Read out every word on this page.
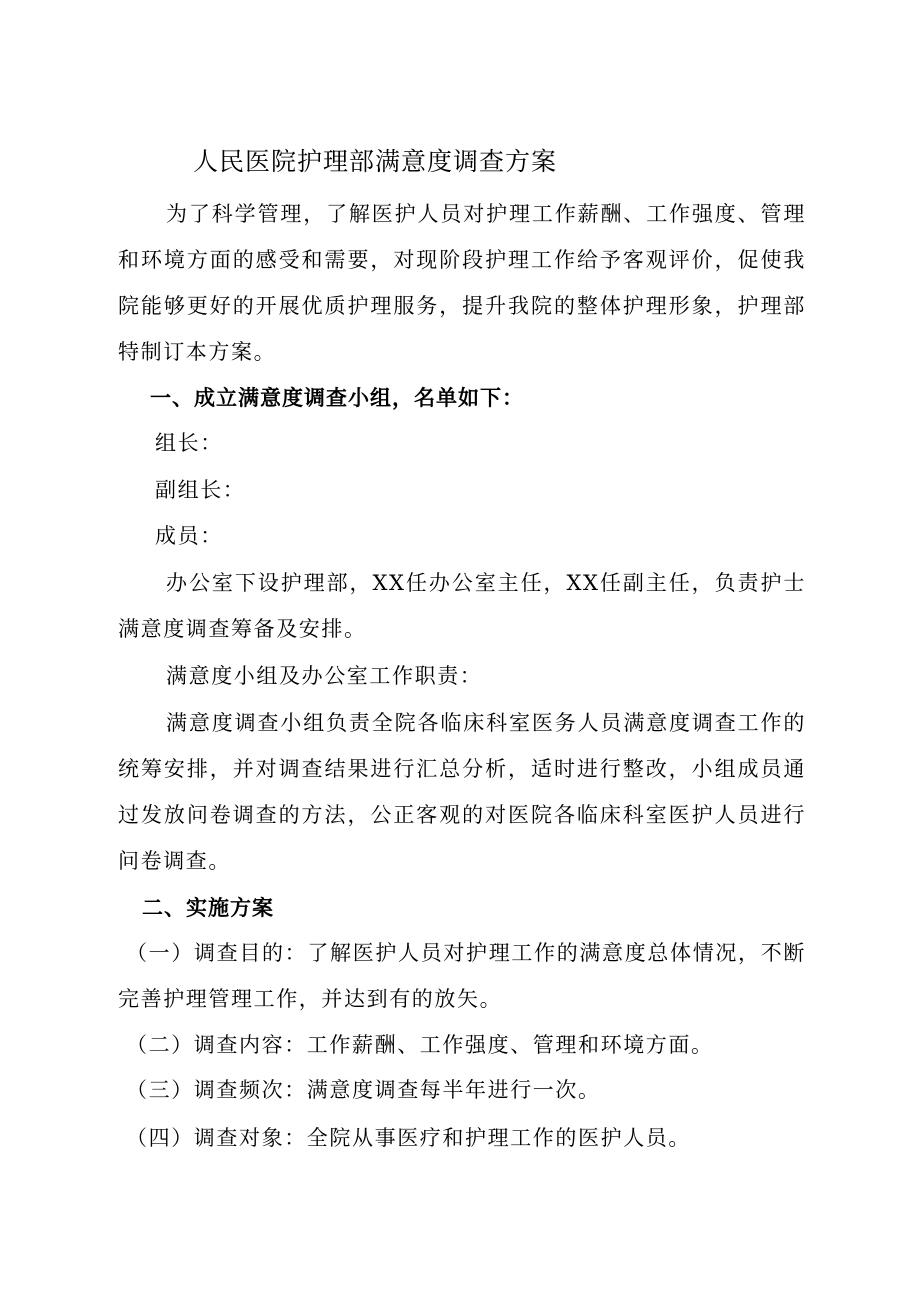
人民医院护理部满意度调查方案
为了科学管理，了解医护人员对护理工作薪酬、工作强度、管理和环境方面的感受和需要，对现阶段护理工作给予客观评价，促使我院能够更好的开展优质护理服务，提升我院的整体护理形象，护理部特制订本方案。
一、成立满意度调查小组，名单如下：
组长：
副组长：
成员：
办公室下设护理部，XX任办公室主任，XX任副主任，负责护士满意度调查筹备及安排。
满意度小组及办公室工作职责：
满意度调查小组负责全院各临床科室医务人员满意度调查工作的统筹安排，并对调查结果进行汇总分析，适时进行整改，小组成员通过发放问卷调查的方法，公正客观的对医院各临床科室医护人员进行问卷调查。
二、实施方案
（一）调查目的：了解医护人员对护理工作的满意度总体情况，不断完善护理管理工作，并达到有的放矢。
（二）调查内容：工作薪酬、工作强度、管理和环境方面。
（三）调查频次：满意度调查每半年进行一次。
（四）调查对象：全院从事医疗和护理工作的医护人员。
